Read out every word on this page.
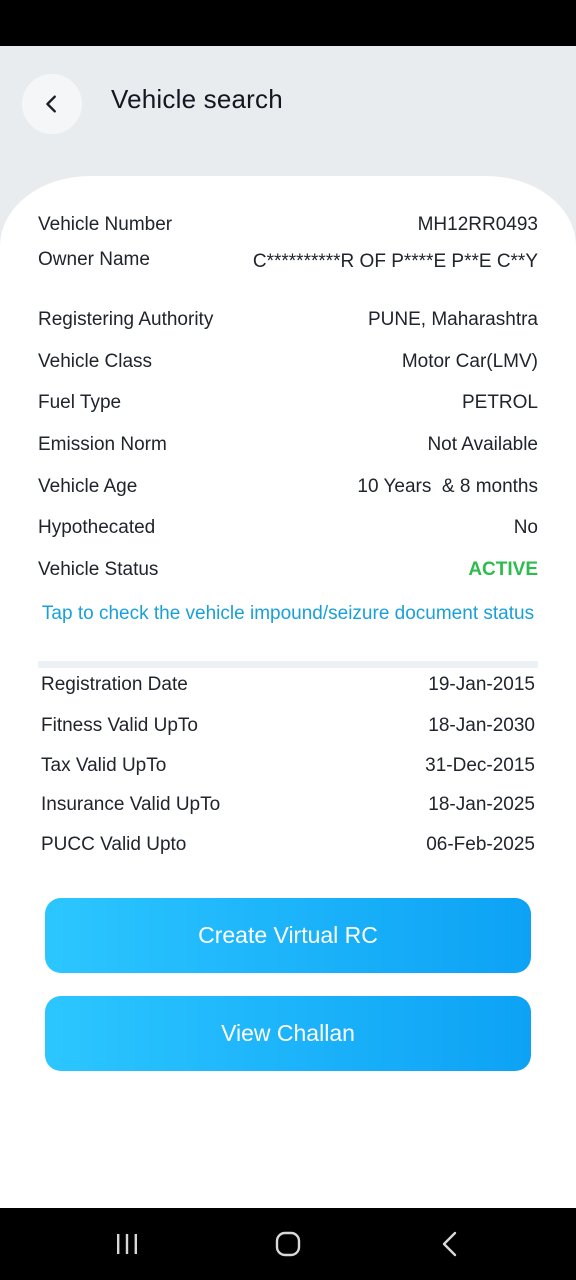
Vehicle search
Vehicle Number	MH12RR0493
Owner Name	C**********R OF P****E P**E C**Y
Registering Authority	PUNE, Maharashtra
Vehicle Class	Motor Car(LMV)
Fuel Type	PETROL
Emission Norm	Not Available
Vehicle Age	10 Years  & 8 months
Hypothecated	No
Vehicle Status	ACTIVE
Tap to check the vehicle impound/seizure document status
Registration Date	19-Jan-2015
Fitness Valid UpTo	18-Jan-2030
Tax Valid UpTo	31-Dec-2015
Insurance Valid UpTo	18-Jan-2025
PUCC Valid Upto	06-Feb-2025
Create Virtual RC
View Challan
